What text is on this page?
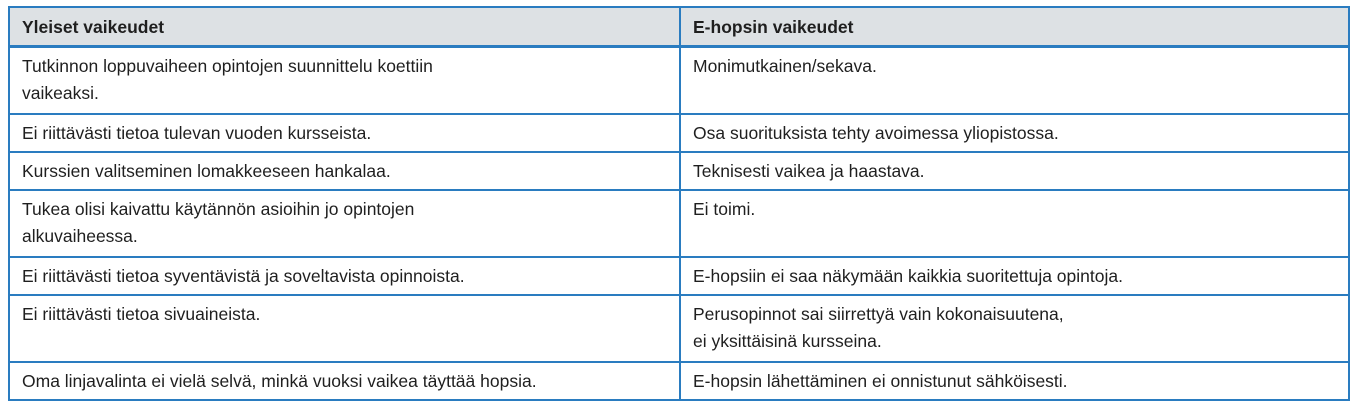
Yleiset vaikeudet	E-hopsin vaikeudet

Tutkinnon loppuvaiheen opintojen suunnittelu koettiin
vaikeaksi.	Monimutkainen/sekava.

Ei riittävästi tietoa tulevan vuoden kursseista.	Osa suorituksista tehty avoimessa yliopistossa.

Kurssien valitseminen lomakkeeseen hankalaa.	Teknisesti vaikea ja haastava.

Tukea olisi kaivattu käytännön asioihin jo opintojen
alkuvaiheessa.	Ei toimi.

Ei riittävästi tietoa syventävistä ja soveltavista opinnoista.	E-hopsiin ei saa näkymään kaikkia suoritettuja opintoja.

Ei riittävästi tietoa sivuaineista.	Perusopinnot sai siirrettyä vain kokonaisuutena,
ei yksittäisinä kursseina.

Oma linjavalinta ei vielä selvä, minkä vuoksi vaikea täyttää hopsia.	E-hopsin lähettäminen ei onnistunut sähköisesti.
